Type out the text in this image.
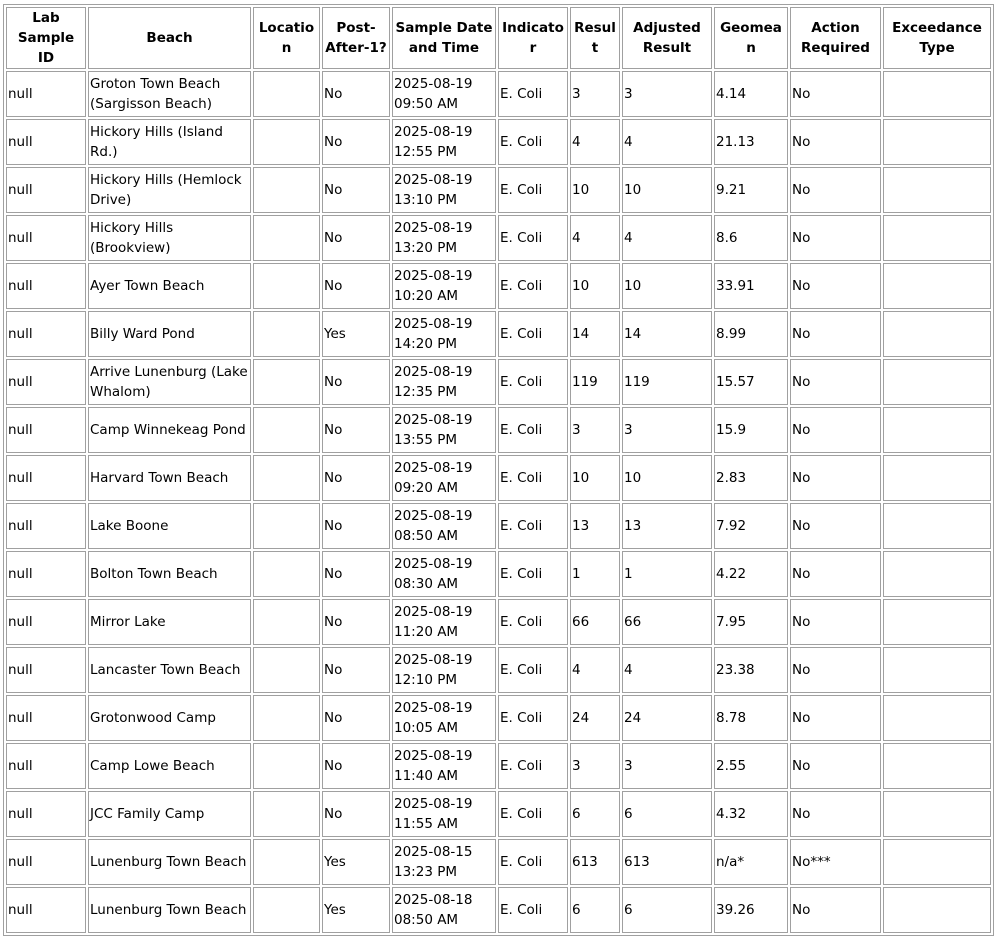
Lab Sample ID	Beach	Location	Post-After-1?	Sample Date and Time	Indicator	Result	Adjusted Result	Geomean	Action Required	Exceedance Type
null	Groton Town Beach (Sargisson Beach)		No	2025-08-19 09:50 AM	E. Coli	3	3	4.14	No	
null	Hickory Hills (Island Rd.)		No	2025-08-19 12:55 PM	E. Coli	4	4	21.13	No	
null	Hickory Hills (Hemlock Drive)		No	2025-08-19 13:10 PM	E. Coli	10	10	9.21	No	
null	Hickory Hills (Brookview)		No	2025-08-19 13:20 PM	E. Coli	4	4	8.6	No	
null	Ayer Town Beach		No	2025-08-19 10:20 AM	E. Coli	10	10	33.91	No	
null	Billy Ward Pond		Yes	2025-08-19 14:20 PM	E. Coli	14	14	8.99	No	
null	Arrive Lunenburg (Lake Whalom)		No	2025-08-19 12:35 PM	E. Coli	119	119	15.57	No	
null	Camp Winnekeag Pond		No	2025-08-19 13:55 PM	E. Coli	3	3	15.9	No	
null	Harvard Town Beach		No	2025-08-19 09:20 AM	E. Coli	10	10	2.83	No	
null	Lake Boone		No	2025-08-19 08:50 AM	E. Coli	13	13	7.92	No	
null	Bolton Town Beach		No	2025-08-19 08:30 AM	E. Coli	1	1	4.22	No	
null	Mirror Lake		No	2025-08-19 11:20 AM	E. Coli	66	66	7.95	No	
null	Lancaster Town Beach		No	2025-08-19 12:10 PM	E. Coli	4	4	23.38	No	
null	Grotonwood Camp		No	2025-08-19 10:05 AM	E. Coli	24	24	8.78	No	
null	Camp Lowe Beach		No	2025-08-19 11:40 AM	E. Coli	3	3	2.55	No	
null	JCC Family Camp		No	2025-08-19 11:55 AM	E. Coli	6	6	4.32	No	
null	Lunenburg Town Beach		Yes	2025-08-15 13:23 PM	E. Coli	613	613	n/a*	No***	
null	Lunenburg Town Beach		Yes	2025-08-18 08:50 AM	E. Coli	6	6	39.26	No	
